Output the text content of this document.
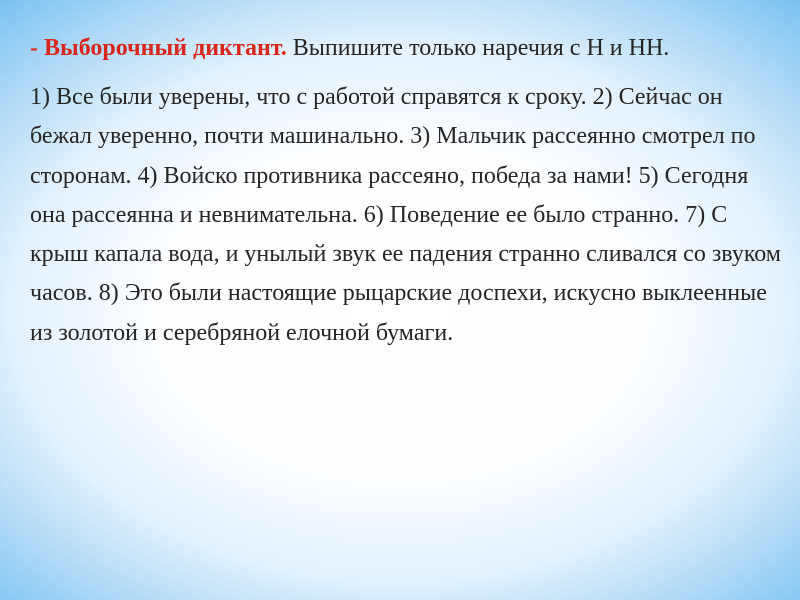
- Выборочный диктант. Выпишите только наречия с Н и НН.

1) Все были уверены, что с работой справятся к сроку. 2) Сейчас он бежал уверенно, почти машинально. 3) Мальчик рассеянно смотрел по сторонам. 4) Войско противника рассеяно, победа за нами! 5) Сегодня она рассеянна и невнимательна. 6) Поведение ее было странно. 7) С крыш капала вода, и унылый звук ее падения странно сливался со звуком часов. 8) Это были настоящие рыцарские доспехи, искусно выклеенные из золотой и серебряной елочной бумаги.
